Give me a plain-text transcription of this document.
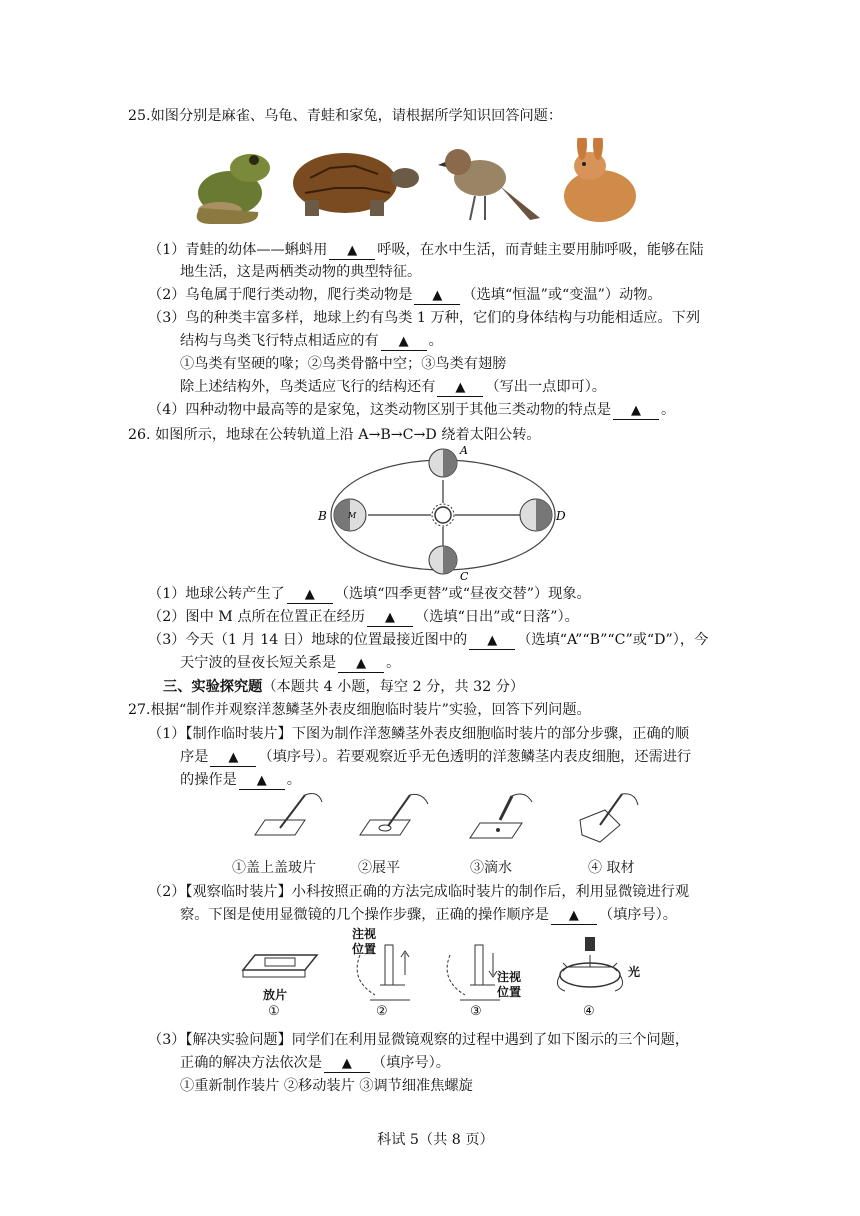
25.如图分别是麻雀、乌龟、青蛙和家兔，请根据所学知识回答问题：
（1）青蛙的幼体——蝌蚪用 ▲ 呼吸，在水中生活，而青蛙主要用肺呼吸，能够在陆
地生活，这是两栖类动物的典型特征。
（2）乌龟属于爬行类动物，爬行类动物是 ▲ （选填“恒温”或“变温”）动物。
（3）鸟的种类丰富多样，地球上约有鸟类 1 万种，它们的身体结构与功能相适应。下列
结构与鸟类飞行特点相适应的有 ▲ 。
①鸟类有坚硬的喙；②鸟类骨骼中空；③鸟类有翅膀
除上述结构外，鸟类适应飞行的结构还有 ▲ （写出一点即可）。
（4）四种动物中最高等的是家兔，这类动物区别于其他三类动物的特点是 ▲ 。
26. 如图所示，地球在公转轨道上沿 A→B→C→D 绕着太阳公转。
A
B
C
D
M
（1）地球公转产生了 ▲ （选填“四季更替”或“昼夜交替”）现象。
（2）图中 M 点所在位置正在经历 ▲ （选填“日出”或“日落”）。
（3）今天（1 月 14 日）地球的位置最接近图中的 ▲ （选填“A”“B”“C”或“D”），今
天宁波的昼夜长短关系是 ▲ 。
三、实验探究题（本题共 4 小题，每空 2 分，共 32 分）
27.根据“制作并观察洋葱鳞茎外表皮细胞临时装片”实验，回答下列问题。
（1）【制作临时装片】下图为制作洋葱鳞茎外表皮细胞临时装片的部分步骤，正确的顺
序是 ▲ （填序号）。若要观察近乎无色透明的洋葱鳞茎内表皮细胞，还需进行
的操作是 ▲ 。
①盖上盖玻片	②展平	③滴水	④ 取材
（2）【观察临时装片】小科按照正确的方法完成临时装片的制作后，利用显微镜进行观
察。下图是使用显微镜的几个操作步骤，正确的操作顺序是 ▲ （填序号）。
注视
位置
注视
位置
光
放片
①	②	③	④
（3）【解决实验问题】同学们在利用显微镜观察的过程中遇到了如下图示的三个问题，
正确的解决方法依次是 ▲ （填序号）。
①重新制作装片 ②移动装片 ③调节细准焦螺旋
科试 5（共 8 页）
